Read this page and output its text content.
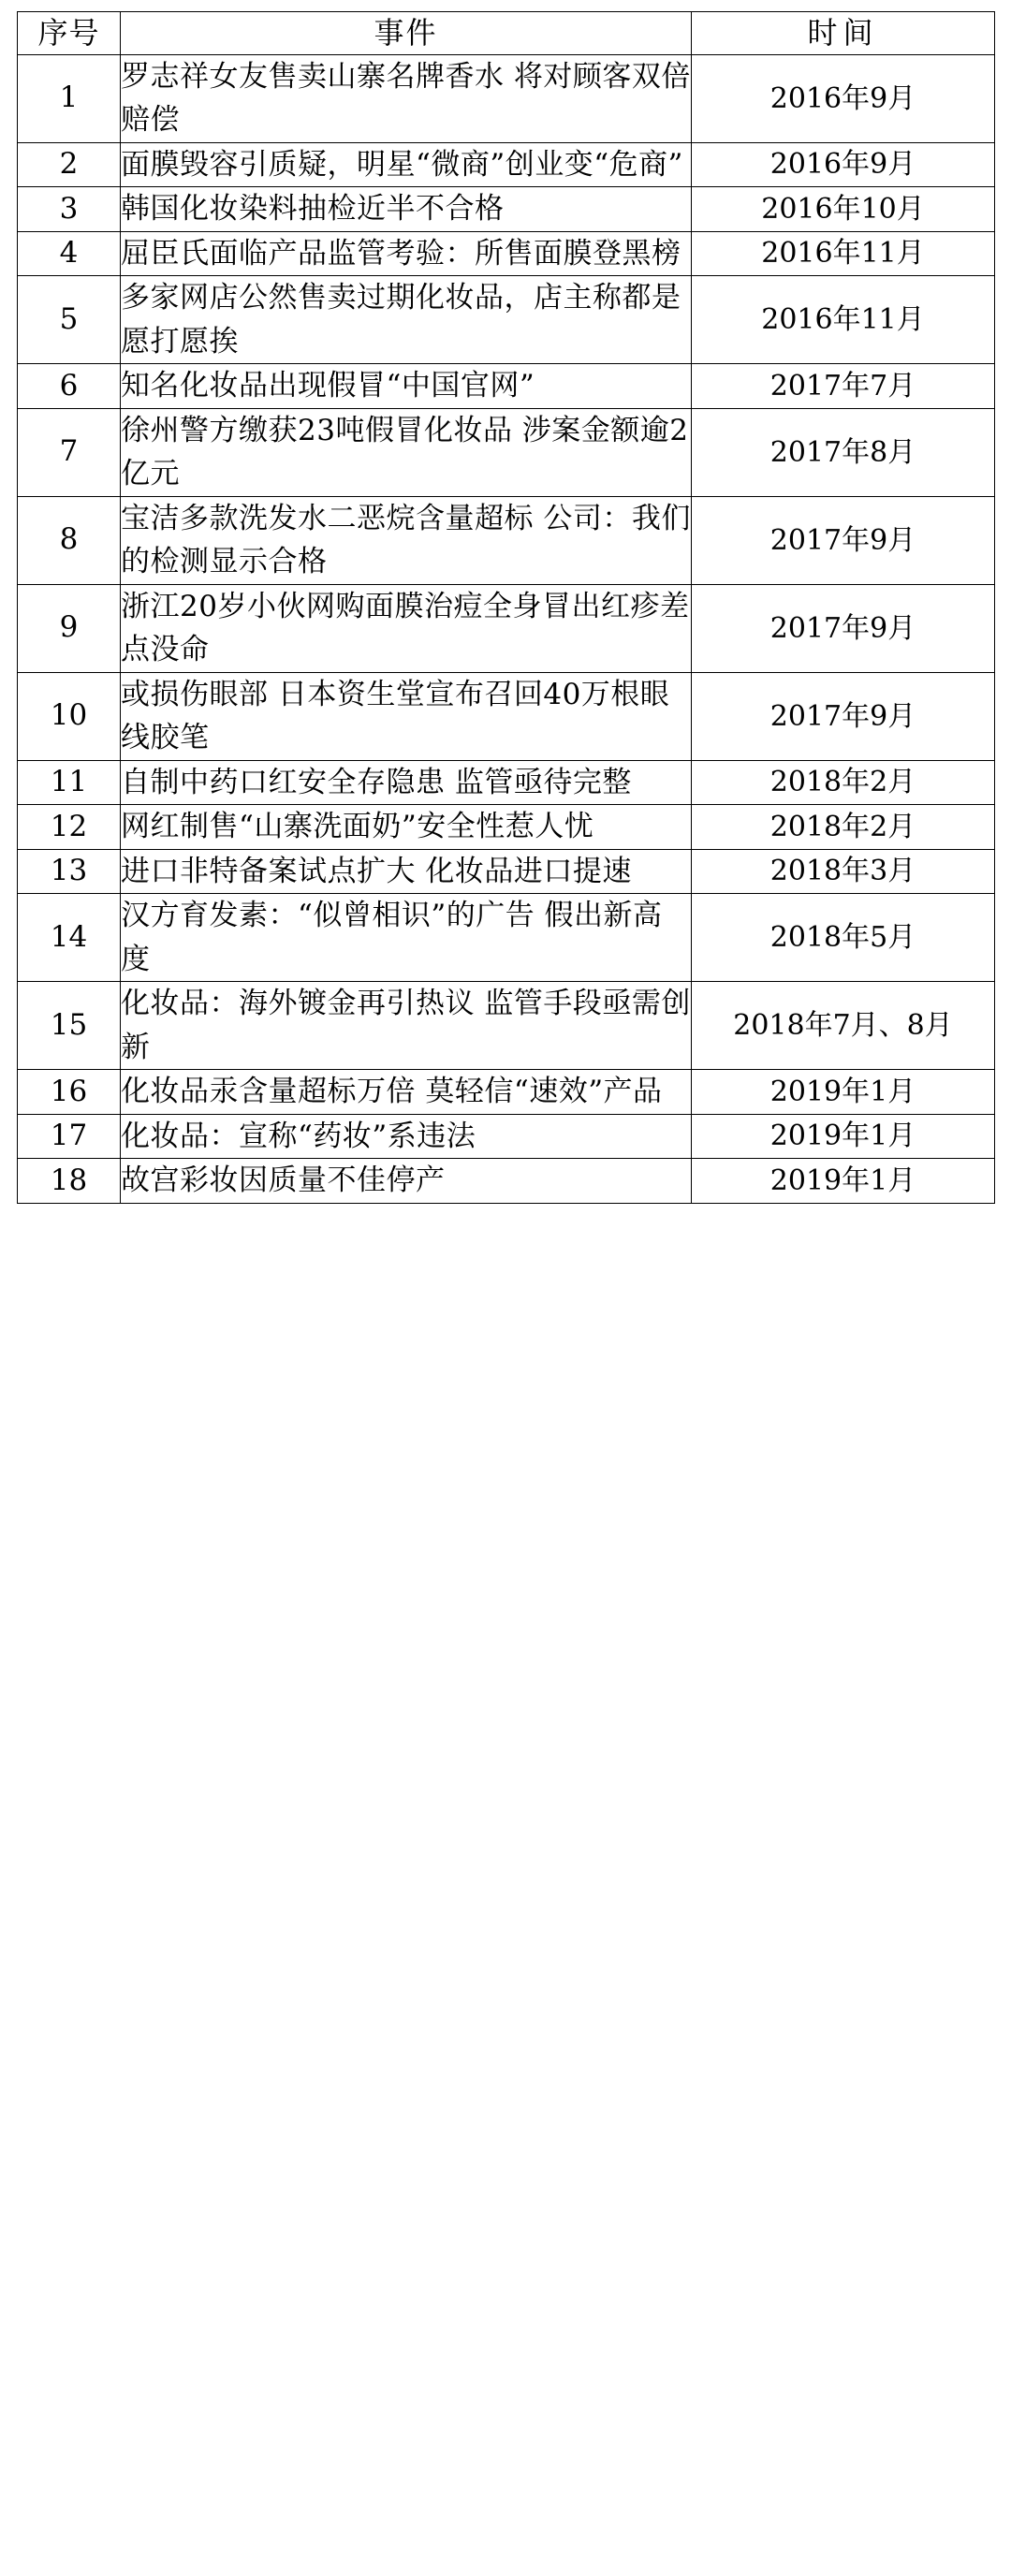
序号	事件	时间
1	罗志祥女友售卖山寨名牌香水 将对顾客双倍赔偿	2016年9月
2	面膜毁容引质疑，明星“微商”创业变“危商”	2016年9月
3	韩国化妆染料抽检近半不合格	2016年10月
4	屈臣氏面临产品监管考验：所售面膜登黑榜	2016年11月
5	多家网店公然售卖过期化妆品，店主称都是愿打愿挨	2016年11月
6	知名化妆品出现假冒“中国官网”	2017年7月
7	徐州警方缴获23吨假冒化妆品 涉案金额逾2亿元	2017年8月
8	宝洁多款洗发水二恶烷含量超标 公司：我们的检测显示合格	2017年9月
9	浙江20岁小伙网购面膜治痘全身冒出红疹差点没命	2017年9月
10	或损伤眼部 日本资生堂宣布召回40万根眼线胶笔	2017年9月
11	自制中药口红安全存隐患 监管亟待完整	2018年2月
12	网红制售“山寨洗面奶”安全性惹人忧	2018年2月
13	进口非特备案试点扩大 化妆品进口提速	2018年3月
14	汉方育发素：“似曾相识”的广告 假出新高度	2018年5月
15	化妆品：海外镀金再引热议 监管手段亟需创新	2018年7月、8月
16	化妆品汞含量超标万倍 莫轻信“速效”产品	2019年1月
17	化妆品：宣称“药妆”系违法	2019年1月
18	故宫彩妆因质量不佳停产	2019年1月
